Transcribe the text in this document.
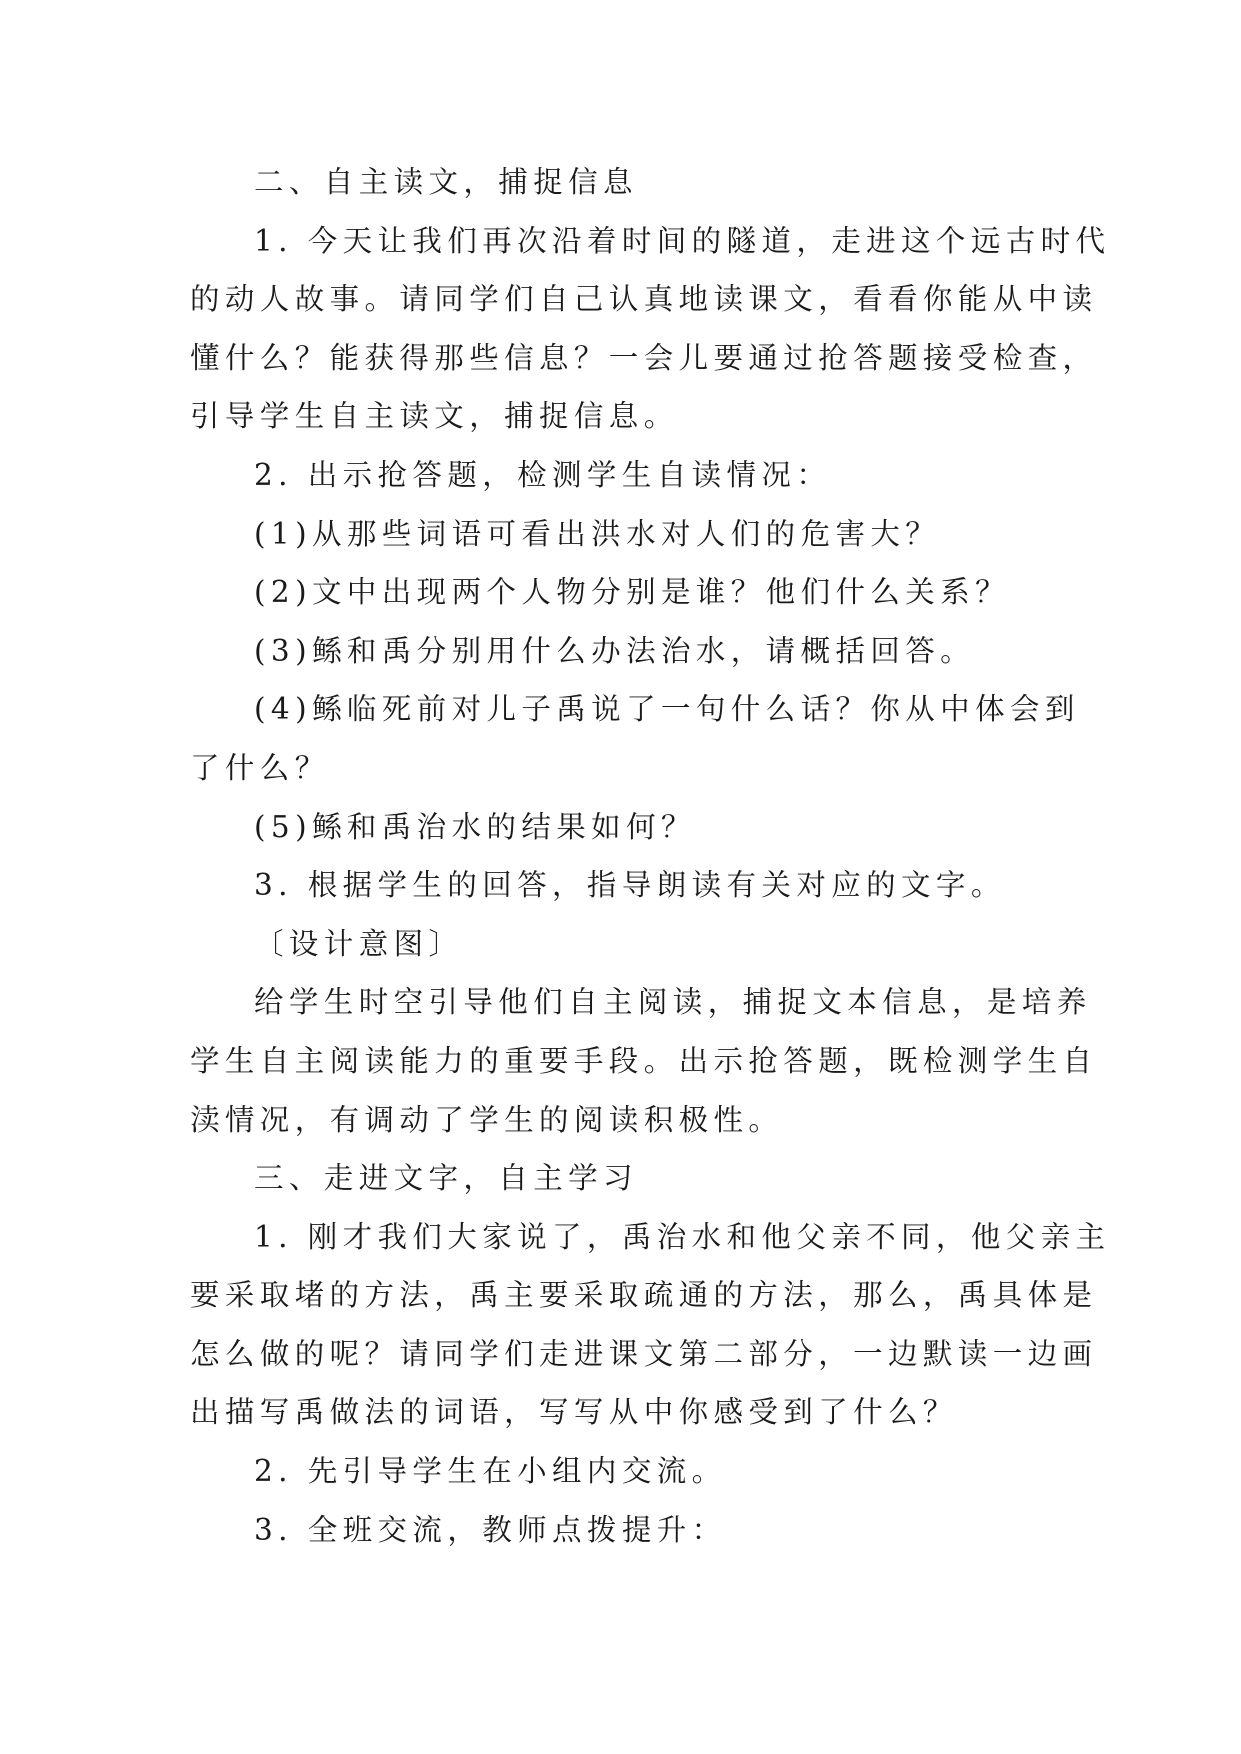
二、自主读文，捕捉信息

1. 今天让我们再次沿着时间的隧道，走进这个远古时代

的动人故事。请同学们自己认真地读课文，看看你能从中读

懂什么？能获得那些信息？一会儿要通过抢答题接受检查，

引导学生自主读文，捕捉信息。

2. 出示抢答题，检测学生自读情况：

(1)从那些词语可看出洪水对人们的危害大？

(2)文中出现两个人物分别是谁？他们什么关系？

(3)鲧和禹分别用什么办法治水，请概括回答。

(4)鲧临死前对儿子禹说了一句什么话？你从中体会到

了什么？

(5)鲧和禹治水的结果如何？

3. 根据学生的回答，指导朗读有关对应的文字。

〔设计意图〕

给学生时空引导他们自主阅读，捕捉文本信息，是培养

学生自主阅读能力的重要手段。出示抢答题，既检测学生自

渎情况，有调动了学生的阅读积极性。

三、走进文字，自主学习

1. 刚才我们大家说了，禹治水和他父亲不同，他父亲主

要采取堵的方法，禹主要采取疏通的方法，那么，禹具体是

怎么做的呢？请同学们走进课文第二部分，一边默读一边画

出描写禹做法的词语，写写从中你感受到了什么？

2. 先引导学生在小组内交流。

3. 全班交流，教师点拨提升：
